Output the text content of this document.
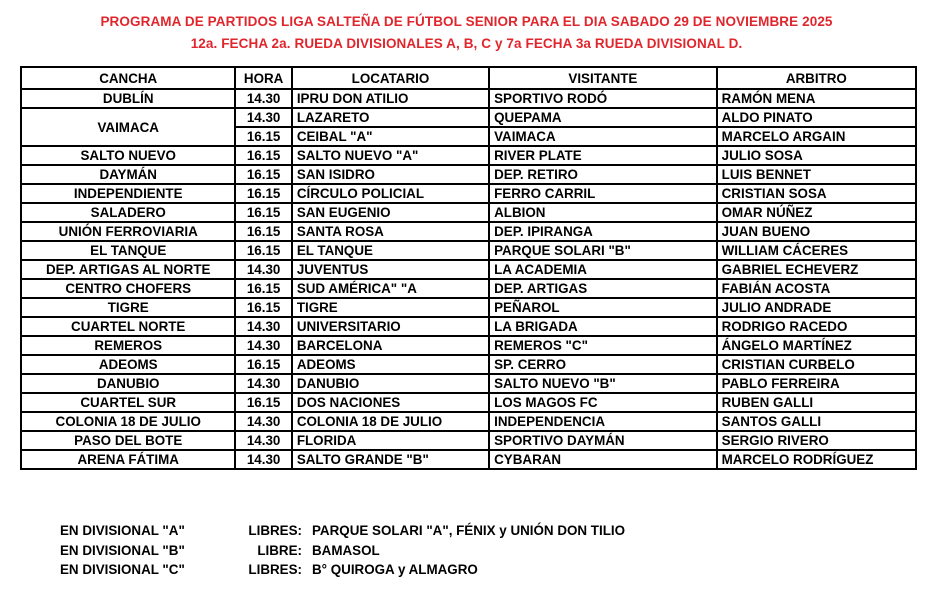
PROGRAMA DE PARTIDOS LIGA SALTEÑA DE FÚTBOL SENIOR PARA EL DIA SABADO 29 DE NOVIEMBRE 2025
12a. FECHA 2a. RUEDA DIVISIONALES A, B, C y 7a FECHA 3a RUEDA DIVISIONAL D.
CANCHA	HORA	LOCATARIO	VISITANTE	ARBITRO
DUBLÍN	14.30	IPRU DON ATILIO	SPORTIVO RODÓ	RAMÓN MENA
VAIMACA	14.30	LAZARETO	QUEPAMA	ALDO PINATO
	16.15	CEIBAL "A"	VAIMACA	MARCELO ARGAIN
SALTO NUEVO	16.15	SALTO NUEVO "A"	RIVER PLATE	JULIO SOSA
DAYMÁN	16.15	SAN ISIDRO	DEP. RETIRO	LUIS BENNET
INDEPENDIENTE	16.15	CÍRCULO POLICIAL	FERRO CARRIL	CRISTIAN SOSA
SALADERO	16.15	SAN EUGENIO	ALBION	OMAR NÚÑEZ
UNIÓN FERROVIARIA	16.15	SANTA ROSA	DEP. IPIRANGA	JUAN BUENO
EL TANQUE	16.15	EL TANQUE	PARQUE SOLARI "B"	WILLIAM CÁCERES
DEP. ARTIGAS AL NORTE	14.30	JUVENTUS	LA ACADEMIA	GABRIEL ECHEVERZ
CENTRO CHOFERS	16.15	SUD AMÉRICA" "A	DEP. ARTIGAS	FABIÁN ACOSTA
TIGRE	16.15	TIGRE	PEÑAROL	JULIO ANDRADE
CUARTEL NORTE	14.30	UNIVERSITARIO	LA BRIGADA	RODRIGO RACEDO
REMEROS	14.30	BARCELONA	REMEROS "C"	ÁNGELO MARTÍNEZ
ADEOMS	16.15	ADEOMS	SP. CERRO	CRISTIAN CURBELO
DANUBIO	14.30	DANUBIO	SALTO NUEVO "B"	PABLO FERREIRA
CUARTEL SUR	16.15	DOS NACIONES	LOS MAGOS FC	RUBEN GALLI
COLONIA 18 DE JULIO	14.30	COLONIA 18 DE JULIO	INDEPENDENCIA	SANTOS GALLI
PASO DEL BOTE	14.30	FLORIDA	SPORTIVO DAYMÁN	SERGIO RIVERO
ARENA FÁTIMA	14.30	SALTO GRANDE "B"	CYBARAN	MARCELO RODRÍGUEZ
EN DIVISIONAL "A"	LIBRES: PARQUE SOLARI "A", FÉNIX y UNIÓN DON TILIO
EN DIVISIONAL "B"	LIBRE: BAMASOL
EN DIVISIONAL "C"	LIBRES: B° QUIROGA y ALMAGRO
